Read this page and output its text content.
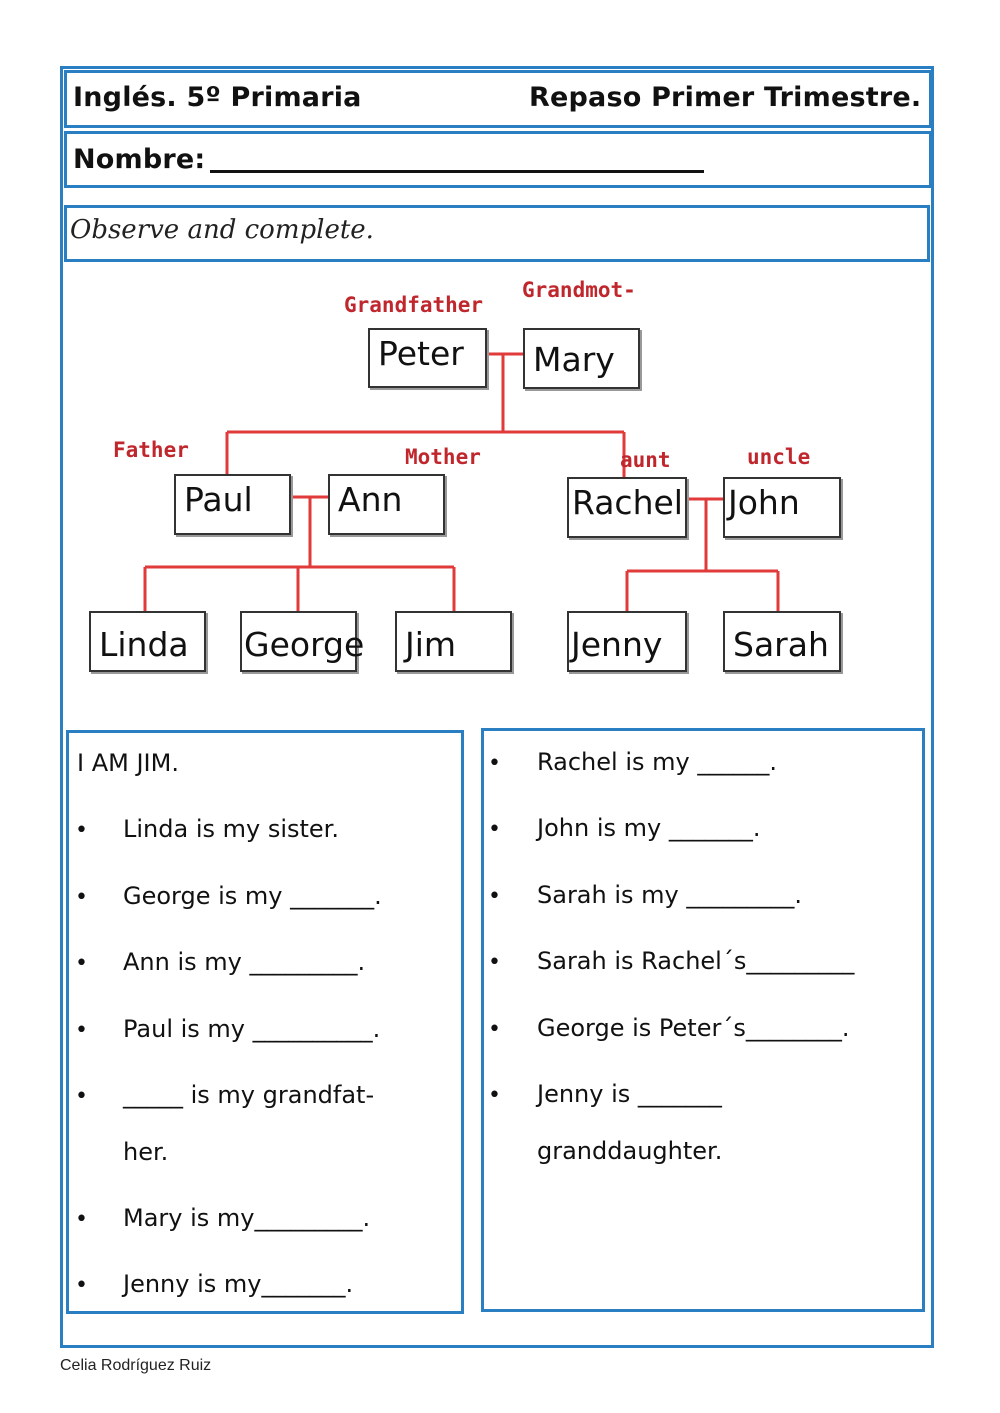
Inglés. 5º Primaria	Repaso Primer Trimestre.
Nombre:
Observe and complete.
Grandfather
Grandmot-
Father	Mother	aunt	uncle
Peter Mary
Paul	Ann	Rachel John
Linda George Jim	Jenny Sarah
I AM JIM.
• Linda is my sister.
• George is my _______.
• Ann is my _________.
• Paul is my __________.
• _____ is my grandfat-
her.
• Mary is my_________.
• Jenny is my_______.
• Rachel is my ______.
• John is my _______.
• Sarah is my _________.
• Sarah is Rachel´s_________
• George is Peter´s________.
• Jenny is _______
granddaughter.
Celia Rodríguez Ruiz
